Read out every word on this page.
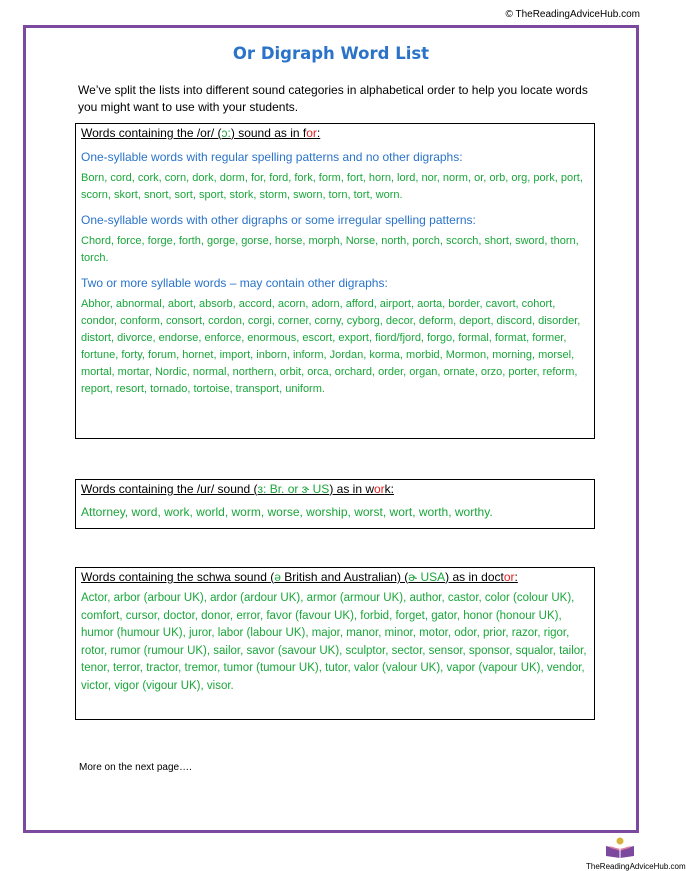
© TheReadingAdviceHub.com
Or Digraph Word List
We’ve split the lists into different sound categories in alphabetical order to help you locate words you might want to use with your students.
Words containing the /or/ (ɔ:) sound as in for:
One-syllable words with regular spelling patterns and no other digraphs:
Born, cord, cork, corn, dork, dorm, for, ford, fork, form, fort, horn, lord, nor, norm, or, orb, org, pork, port, scorn, skort, snort, sort, sport, stork, storm, sworn, torn, tort, worn.
One-syllable words with other digraphs or some irregular spelling patterns:
Chord, force, forge, forth, gorge, gorse, horse, morph, Norse, north, porch, scorch, short, sword, thorn, torch.
Two or more syllable words – may contain other digraphs:
Abhor, abnormal, abort, absorb, accord, acorn, adorn, afford, airport, aorta, border, cavort, cohort, condor, conform, consort, cordon, corgi, corner, corny, cyborg, decor, deform, deport, discord, disorder, distort, divorce, endorse, enforce, enormous, escort, export, fiord/fjord, forgo, formal, format, former, fortune, forty, forum, hornet, import, inborn, inform, Jordan, korma, morbid, Mormon, morning, morsel, mortal, mortar, Nordic, normal, northern, orbit, orca, orchard, order, organ, ornate, orzo, porter, reform, report, resort, tornado, tortoise, transport, uniform.
Words containing the /ur/ sound (ɜ: Br. or ɝ US) as in work:
Attorney, word, work, world, worm, worse, worship, worst, wort, worth, worthy.
Words containing the schwa sound (ə British and Australian) (ɚ USA) as in doctor:
Actor, arbor (arbour UK), ardor (ardour UK), armor (armour UK), author, castor, color (colour UK), comfort, cursor, doctor, donor, error, favor (favour UK), forbid, forget, gator, honor (honour UK), humor (humour UK), juror, labor (labour UK), major, manor, minor, motor, odor, prior, razor, rigor, rotor, rumor (rumour UK), sailor, savor (savour UK), sculptor, sector, sensor, sponsor, squalor, tailor, tenor, terror, tractor, tremor, tumor (tumour UK), tutor, valor (valour UK), vapor (vapour UK), vendor, victor, vigor (vigour UK), visor.
More on the next page….
TheReadingAdviceHub.com
